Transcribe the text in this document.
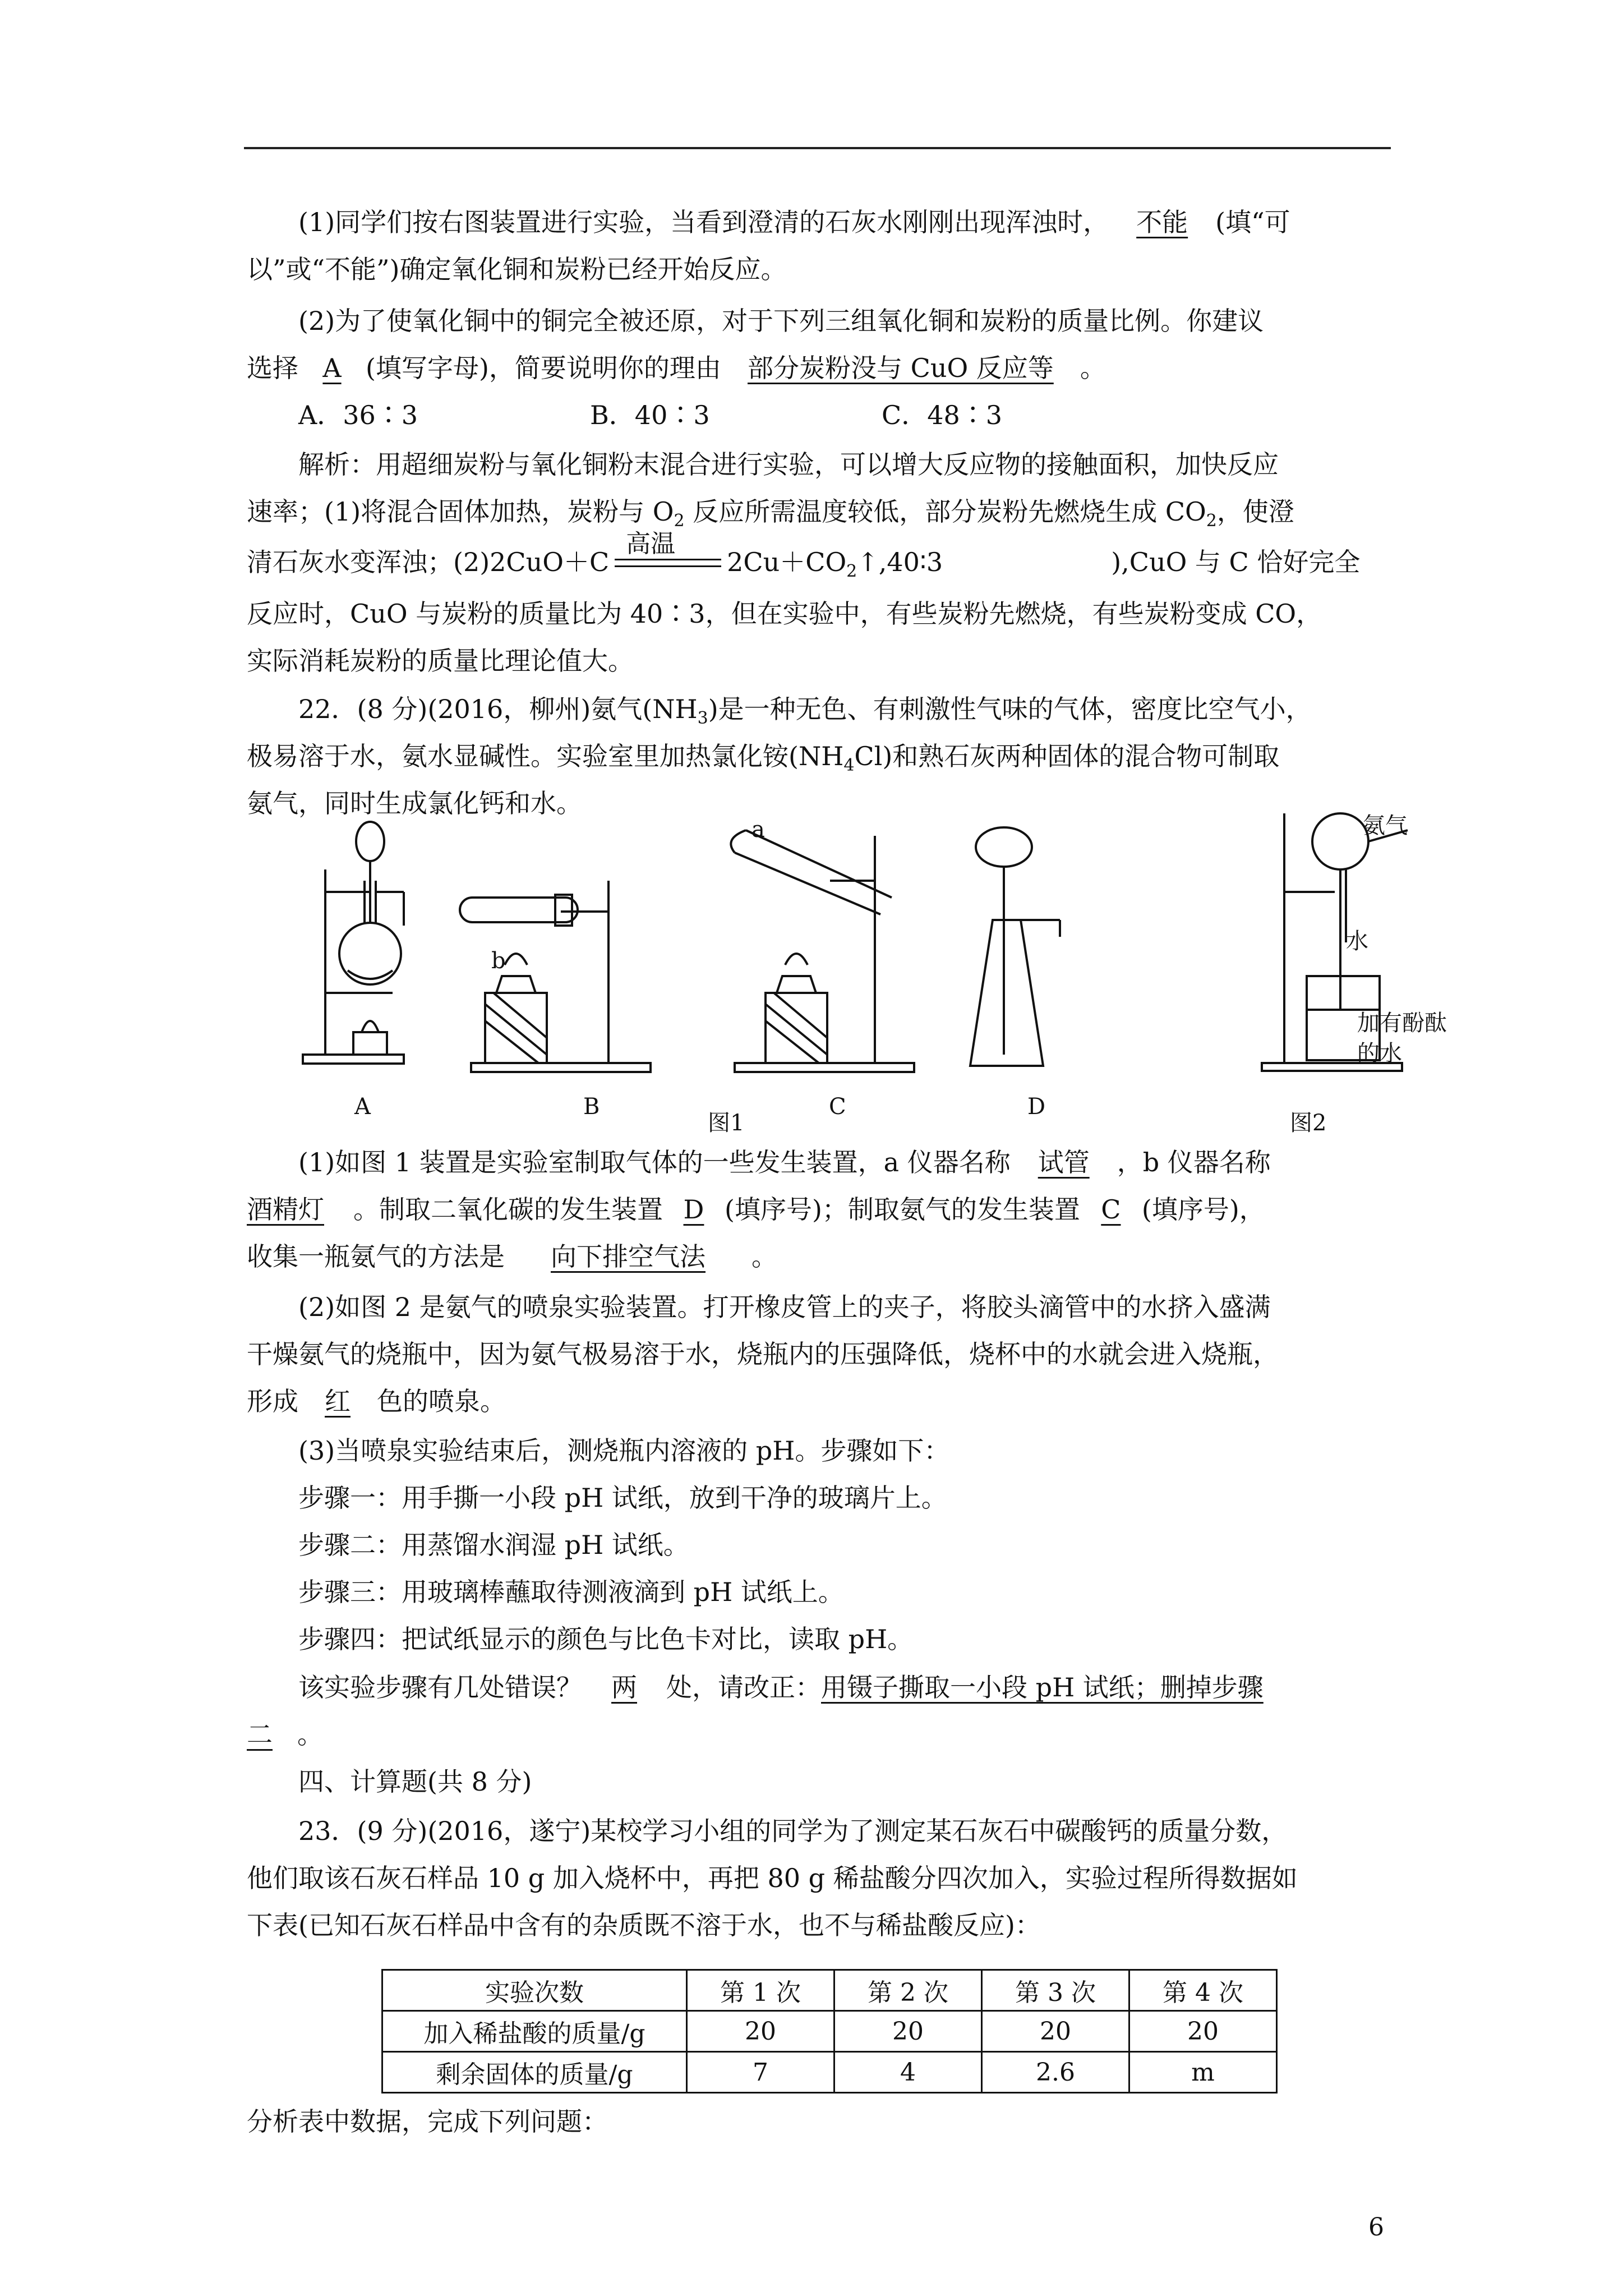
(1)同学们按右图装置进行实验，当看到澄清的石灰水刚刚出现浑浊时， 不能 (填“可
以”或“不能”)确定氧化铜和炭粉已经开始反应。
(2)为了使氧化铜中的铜完全被还原，对于下列三组氧化铜和炭粉的质量比例。你建议
选择 A (填写字母)，简要说明你的理由 部分炭粉没与 CuO 反应等 。
A．36∶3	B．40∶3	C．48∶3
解析：用超细炭粉与氧化铜粉末混合进行实验，可以增大反应物的接触面积，加快反应
速率；(1)将混合固体加热，炭粉与 $O_2$ 反应所需温度较低，部分炭粉先燃烧生成 $CO_2$，使澄
清石灰水变浑浊；(2)2CuO＋C
高温
$2Cu+CO_2↑,40∶3$	),CuO 与 C 恰好完全
反应时，CuO 与炭粉的质量比为 40∶3，但在实验中，有些炭粉先燃烧，有些炭粉变成 CO，
实际消耗炭粉的质量比理论值大。
22．(8 分)(2016，柳州)氨气$(NH_3)$是一种无色、有刺激性气味的气体，密度比空气小，
极易溶于水，氨水显碱性。实验室里加热氯化铵$(NH_4Cl)$和熟石灰两种固体的混合物可制取
氨气，同时生成氯化钙和水。
A	B	C	D
图1	图2
a
b
氨气
水
加有酚酞
的水
(1)如图 1 装置是实验室制取气体的一些发生装置，a 仪器名称 试管 ，b 仪器名称
酒精灯 。制取二氧化碳的发生装置 D (填序号)；制取氨气的发生装置 C (填序号)，
收集一瓶氨气的方法是 向下排空气法 。
(2)如图 2 是氨气的喷泉实验装置。打开橡皮管上的夹子，将胶头滴管中的水挤入盛满
干燥氨气的烧瓶中，因为氨气极易溶于水，烧瓶内的压强降低，烧杯中的水就会进入烧瓶，
形成 红 色的喷泉。
(3)当喷泉实验结束后，测烧瓶内溶液的 pH。步骤如下：
步骤一：用手撕一小段 pH 试纸，放到干净的玻璃片上。
步骤二：用蒸馏水润湿 pH 试纸。
步骤三：用玻璃棒蘸取待测液滴到 pH 试纸上。
步骤四：把试纸显示的颜色与比色卡对比，读取 pH。
该实验步骤有几处错误？ 两 处，请改正：用镊子撕取一小段 pH 试纸；删掉步骤
二 。
四、计算题(共 8 分)
23．(9 分)(2016，遂宁)某校学习小组的同学为了测定某石灰石中碳酸钙的质量分数，
他们取该石灰石样品 10 g 加入烧杯中，再把 80 g 稀盐酸分四次加入，实验过程所得数据如
下表(已知石灰石样品中含有的杂质既不溶于水，也不与稀盐酸反应)：
实验次数	第 1 次	第 2 次	第 3 次	第 4 次
加入稀盐酸的质量/g	20	20	20	20
剩余固体的质量/g	7	4	2.6	m
分析表中数据，完成下列问题：
6
